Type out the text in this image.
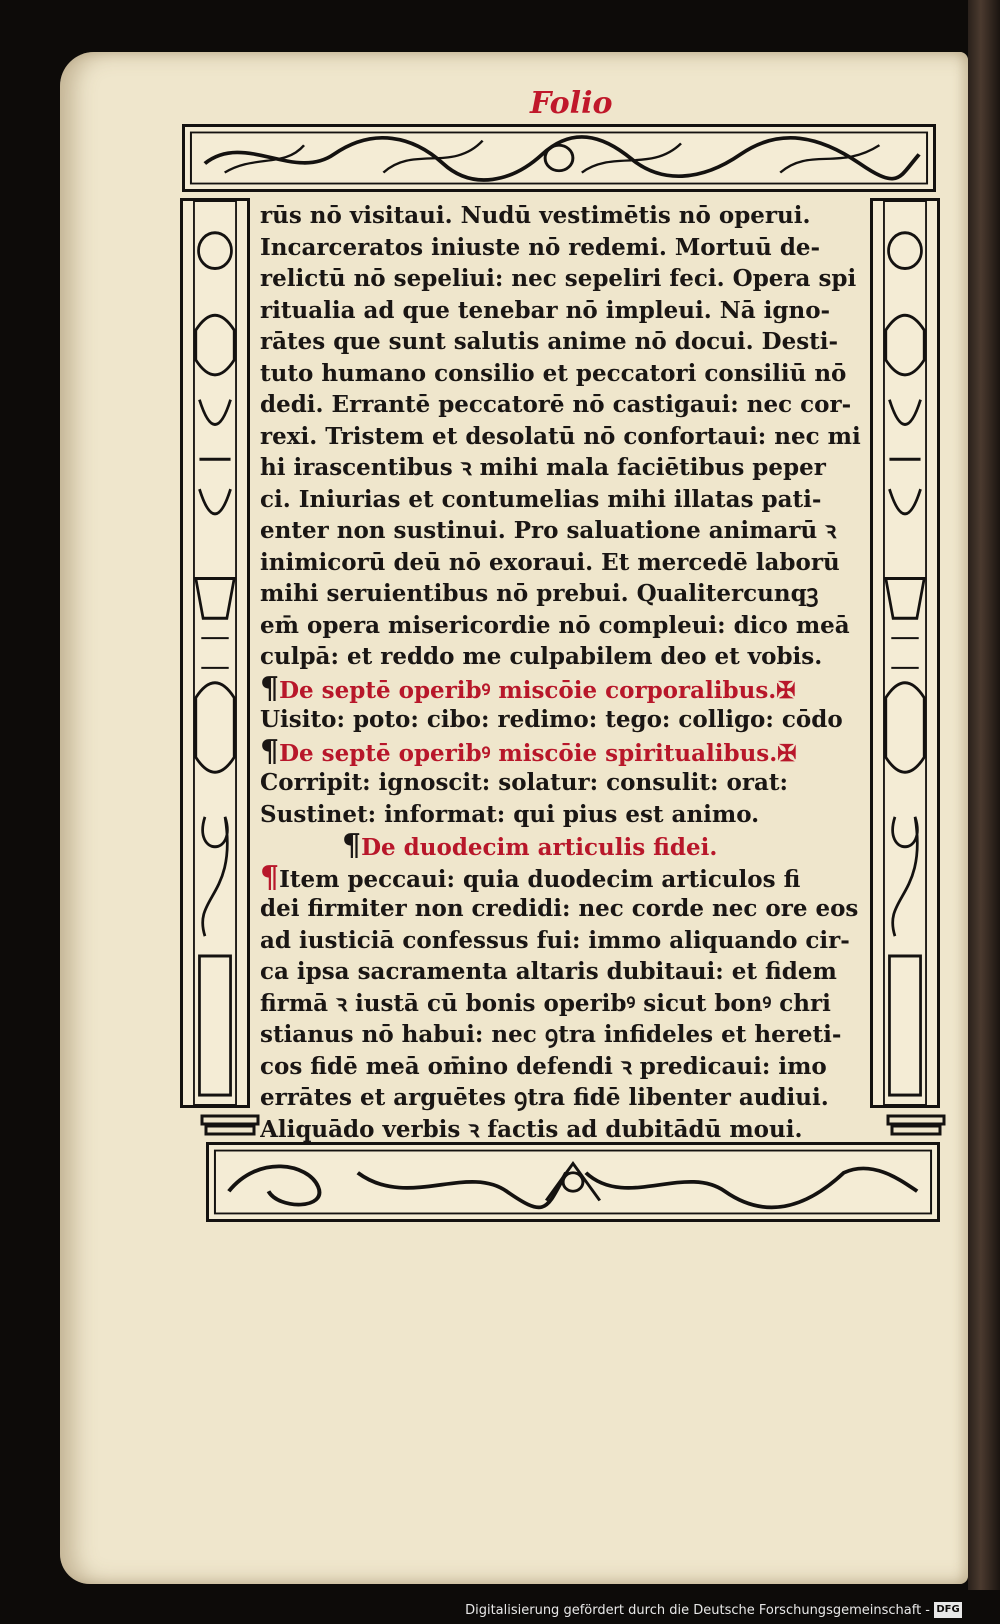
Folio
rūs nō visitaui. Nudū vestimētis nō operui.
Incarceratos iniuste nō redemi. Mortuū de‑
relictū nō sepeliui: nec sepeliri feci. Opera spi
ritualia ad que tenebar nō impleui. Nā igno‑
rātes que sunt salutis anime nō docui. Desti‑
tuto humano consilio et peccatori consiliū nō
dedi. Errantē peccatorē nō castigaui: nec cor‑
rexi. Tristem et desolatū nō confortaui: nec mi
hi irascentibus ꝛ mihi mala faciētibus peper
ci. Iniurias et contumelias mihi illatas pati‑
enter non sustinui. Pro saluatione animarū ꝛ
inimicorū deū nō exoraui. Et mercedē laborū
mihi seruientibus nō prebui. Qualitercunqꝫ
em̄ opera misericordie nō compleui: dico meā
culpā: et reddo me culpabilem deo et vobis.
¶De septē operibꝰ miscōie corporalibus.✠
Uisito: poto: cibo: redimo: tego: colligo: cōdo
¶De septē operibꝰ miscōie spiritualibus.✠
Corripit: ignoscit: solatur: consulit: orat:
Sustinet: informat: qui pius est animo.
¶De duodecim articulis fidei.
¶Item peccaui: quia duodecim articulos fi
dei firmiter non credidi: nec corde nec ore eos
ad iusticiā confessus fui: immo aliquando cir‑
ca ipsa sacramenta altaris dubitaui: et fidem
firmā ꝛ iustā cū bonis operibꝰ sicut bonꝰ chri
stianus nō habui: nec ꝯtra infideles et hereti‑
cos fidē meā om̄ino defendi ꝛ predicaui: imo
errātes et arguētes ꝯtra fidē libenter audiui.
Aliquādo verbis ꝛ factis ad dubitādū moui.
Digitalisierung gefördert durch die Deutsche Forschungsgemeinschaft - DFG
